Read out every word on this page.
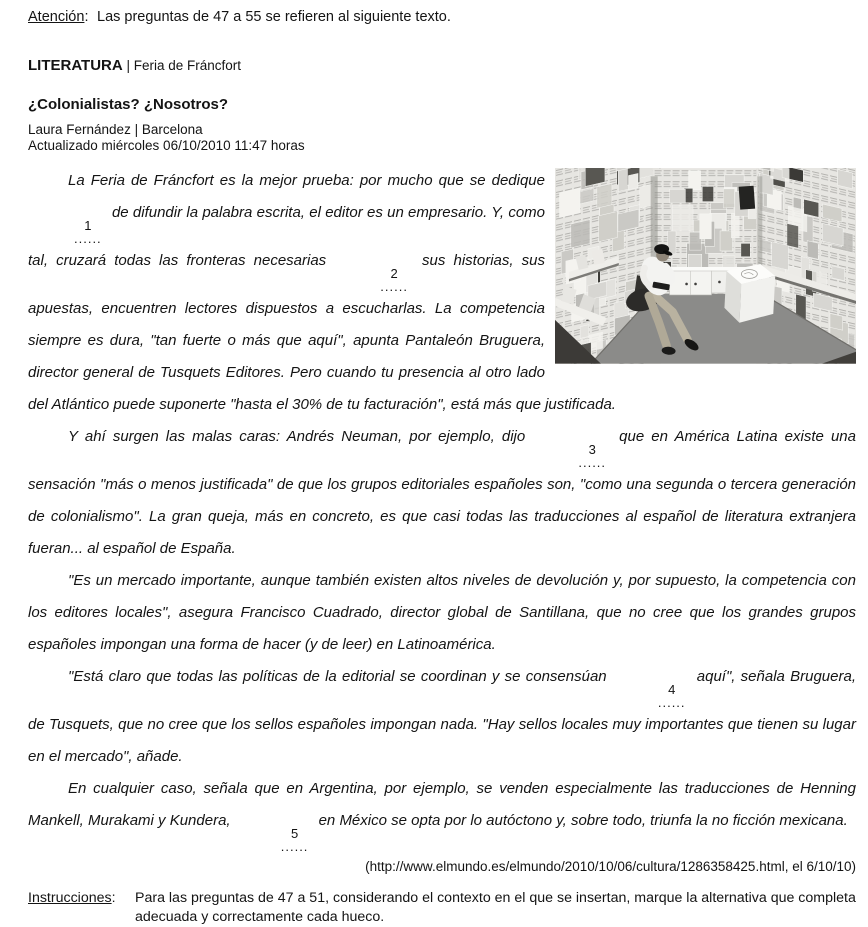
Atención: Las preguntas de 47 a 55 se refieren al siguiente texto.
LITERATURA | Feria de Fráncfort
¿Colonialistas? ¿Nosotros?
Laura Fernández | Barcelona
Actualizado miércoles 06/10/2010 11:47 horas

La Feria de Fráncfort es la mejor prueba: por mucho que se dedique
1
......
de difundir la palabra escrita, el editor es un empresario. Y, como tal, cruzará todas las fronteras necesarias
2
......
sus historias, sus apuestas, encuentren lectores dispuestos a escucharlas. La competencia siempre es dura, "tan fuerte o más que aquí", apunta Pantaleón Bruguera, director general de Tusquets Editores. Pero cuando tu presencia al otro lado del Atlántico puede suponerte "hasta el 30% de tu facturación", está más que justificada.

Y ahí surgen las malas caras: Andrés Neuman, por ejemplo, dijo
3
......
que en América Latina existe una sensación "más o menos justificada" de que los grupos editoriales españoles son, "como una segunda o tercera generación de colonialismo". La gran queja, más en concreto, es que casi todas las traducciones al español de literatura extranjera fueran... al español de España.

"Es un mercado importante, aunque también existen altos niveles de devolución y, por supuesto, la competencia con los editores locales", asegura Francisco Cuadrado, director global de Santillana, que no cree que los grandes grupos españoles impongan una forma de hacer (y de leer) en Latinoamérica.

"Está claro que todas las políticas de la editorial se coordinan y se consensúan
4
......
aquí", señala Bruguera, de Tusquets, que no cree que los sellos españoles impongan nada. "Hay sellos locales muy importantes que tienen su lugar en el mercado", añade.

En cualquier caso, señala que en Argentina, por ejemplo, se venden especialmente las traducciones de Henning Mankell, Murakami y Kundera,
5
......
en México se opta por lo autóctono y, sobre todo, triunfa la no ficción mexicana.

(http://www.elmundo.es/elmundo/2010/10/06/cultura/1286358425.html, el 6/10/10)
Instrucciones:	Para las preguntas de 47 a 51, considerando el contexto en el que se insertan, marque la alternativa que completa adecuada y correctamente cada hueco.
